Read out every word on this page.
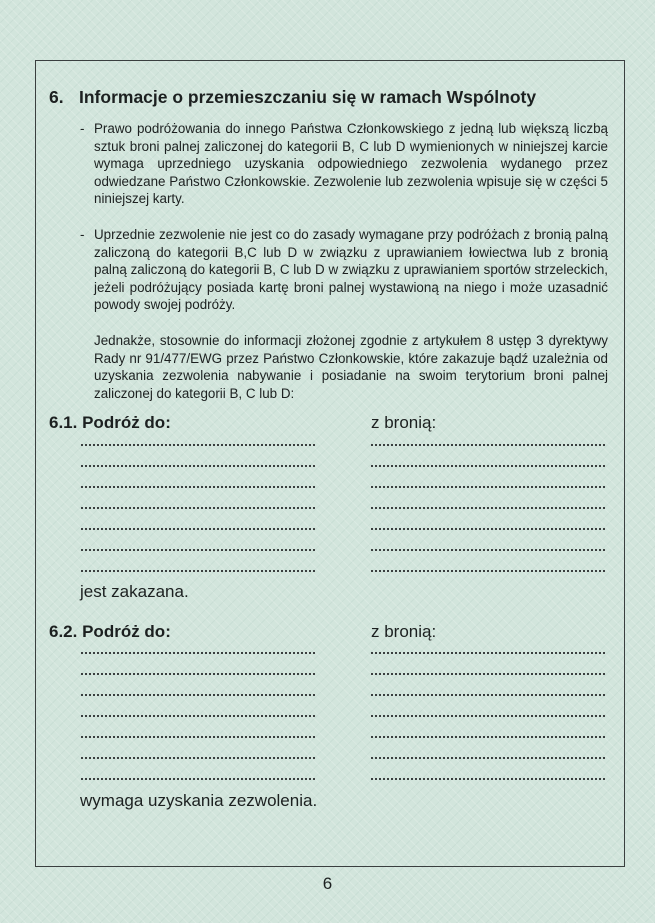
6. Informacje o przemieszczaniu się w ramach Wspólnoty
- Prawo podróżowania do innego Państwa Członkowskiego z jedną lub większą liczbą sztuk broni palnej zaliczonej do kategorii B, C lub D wymienionych w niniejszej karcie wymaga uprzedniego uzyskania odpowiedniego zezwolenia wydanego przez odwiedzane Państwo Członkowskie. Zezwolenie lub zezwolenia wpisuje się w części 5 niniejszej karty.

- Uprzednie zezwolenie nie jest co do zasady wymagane przy podróżach z bronią palną zaliczoną do kategorii B,C lub D w związku z uprawianiem łowiectwa lub z bronią palną zaliczoną do kategorii B, C lub D w związku z uprawianiem sportów strzeleckich, jeżeli podróżujący posiada kartę broni palnej wystawioną na niego i może uzasadnić powody swojej podróży.

Jednakże, stosownie do informacji złożonej zgodnie z artykułem 8 ustęp 3 dyrektywy Rady nr 91/477/EWG przez Państwo Członkowskie, które zakazuje bądź uzależnia od uzyskania zezwolenia nabywanie i posiadanie na swoim terytorium broni palnej zaliczonej do kategorii B, C lub D:

6.1. Podróż do:	z bronią:

jest zakazana.

6.2. Podróż do:	z bronią:

wymaga uzyskania zezwolenia.

6
